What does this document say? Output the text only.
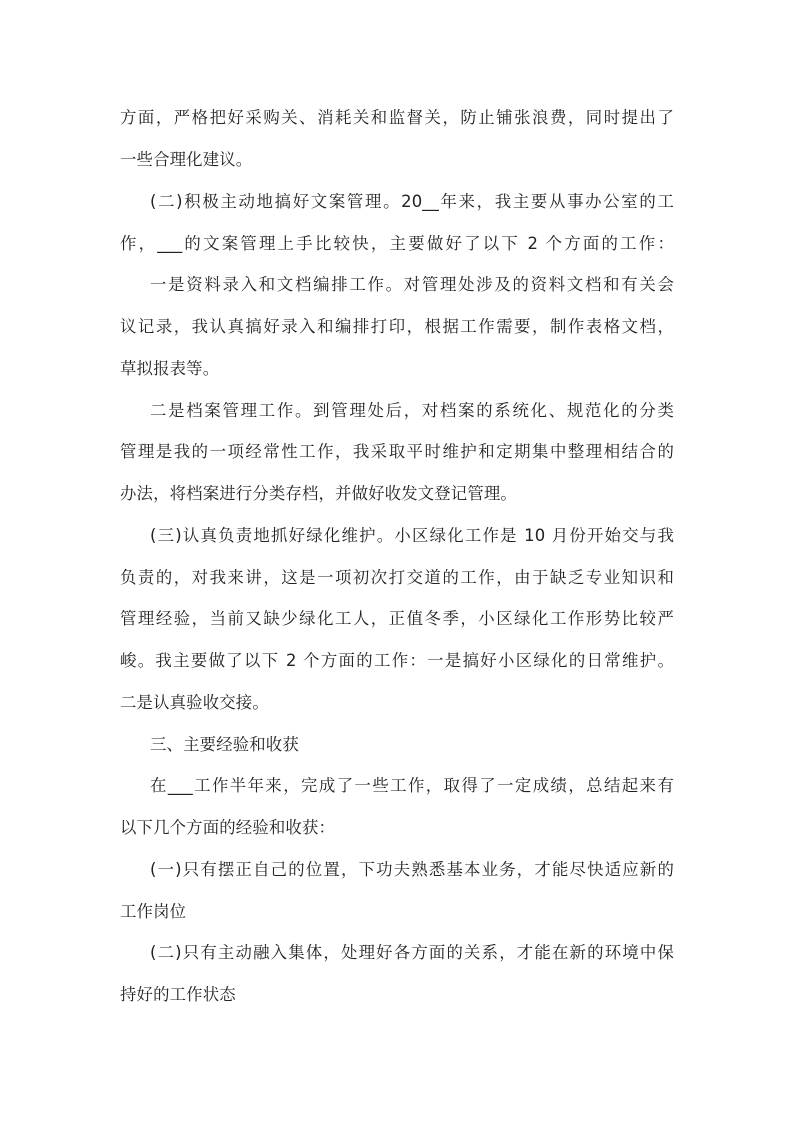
方面，严格把好采购关、消耗关和监督关，防止铺张浪费，同时提出了
一些合理化建议。
(二)积极主动地搞好文案管理。20__年来，我主要从事办公室的工
作，___的文案管理上手比较快，主要做好了以下 2 个方面的工作：
一是资料录入和文档编排工作。对管理处涉及的资料文档和有关会
议记录，我认真搞好录入和编排打印，根据工作需要，制作表格文档，
草拟报表等。
二是档案管理工作。到管理处后，对档案的系统化、规范化的分类
管理是我的一项经常性工作，我采取平时维护和定期集中整理相结合的
办法，将档案进行分类存档，并做好收发文登记管理。
(三)认真负责地抓好绿化维护。小区绿化工作是 10 月份开始交与我
负责的，对我来讲，这是一项初次打交道的工作，由于缺乏专业知识和
管理经验，当前又缺少绿化工人，正值冬季，小区绿化工作形势比较严
峻。我主要做了以下 2 个方面的工作：一是搞好小区绿化的日常维护。
二是认真验收交接。
三、主要经验和收获
在___工作半年来，完成了一些工作，取得了一定成绩，总结起来有
以下几个方面的经验和收获：
(一)只有摆正自己的位置，下功夫熟悉基本业务，才能尽快适应新的
工作岗位
(二)只有主动融入集体，处理好各方面的关系，才能在新的环境中保
持好的工作状态
